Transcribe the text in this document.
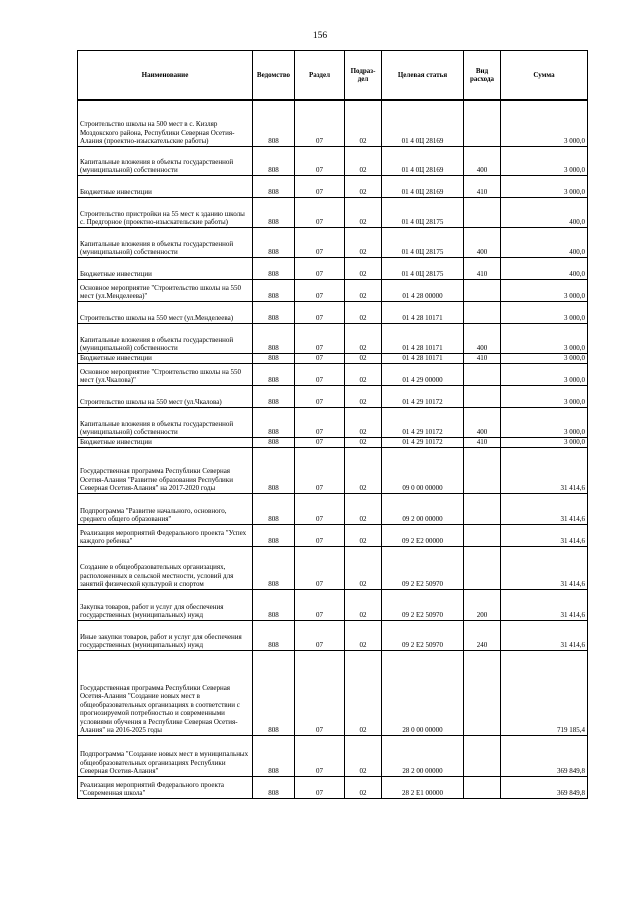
156
Наименование	Ведомство	Раздел	Подраз-дел	Целевая статья	Вид расхода	Сумма
Строительство школы на 500 мест в с. Кизляр Моздокского района, Республики Северная Осетия-Алания (проектно-изыскательские работы)	808	07	02	01 4 0Ц 28169		3 000,0
Капитальные вложения в объекты государственной (муниципальной) собственности	808	07	02	01 4 0Ц 28169	400	3 000,0
Бюджетные инвестиции	808	07	02	01 4 0Ц 28169	410	3 000,0
Строительство пристройки на 55 мест к зданию школы с. Предгорное (проектно-изыскательские работы)	808	07	02	01 4 0Ц 28175		400,0
Капитальные вложения в объекты государственной (муниципальной) собственности	808	07	02	01 4 0Ц 28175	400	400,0
Бюджетные инвестиции	808	07	02	01 4 0Ц 28175	410	400,0
Основное мероприятие "Строительство школы на 550 мест (ул.Менделеева)"	808	07	02	01 4 28 00000		3 000,0
Строительство школы на 550 мест (ул.Менделеева)	808	07	02	01 4 28 10171		3 000,0
Капитальные вложения в объекты государственной (муниципальной) собственности	808	07	02	01 4 28 10171	400	3 000,0
Бюджетные инвестиции	808	07	02	01 4 28 10171	410	3 000,0
Основное мероприятие "Строительство школы на 550 мест (ул.Чкалова)"	808	07	02	01 4 29 00000		3 000,0
Строительство школы на 550 мест (ул.Чкалова)	808	07	02	01 4 29 10172		3 000,0
Капитальные вложения в объекты государственной (муниципальной) собственности	808	07	02	01 4 29 10172	400	3 000,0
Бюджетные инвестиции	808	07	02	01 4 29 10172	410	3 000,0
Государственная программа Республики Северная Осетия-Алания "Развитие образования Республики Северная Осетия-Алания" на 2017-2020 годы	808	07	02	09 0 00 00000		31 414,6
Подпрограмма "Развитие начального, основного, среднего общего образования"	808	07	02	09 2 00 00000		31 414,6
Реализация мероприятий Федерального проекта "Успех каждого ребенка"	808	07	02	09 2 Е2 00000		31 414,6
Создание в общеобразовательных организациях, расположенных в сельской местности, условий для занятий физической культурой и спортом	808	07	02	09 2 Е2 50970		31 414,6
Закупка товаров, работ и услуг для обеспечения государственных (муниципальных) нужд	808	07	02	09 2 Е2 50970	200	31 414,6
Иные закупки товаров, работ и услуг для обеспечения государственных (муниципальных) нужд	808	07	02	09 2 Е2 50970	240	31 414,6
Государственная программа Республики Северная Осетия-Алания "Создание новых мест в общеобразовательных организациях в соответствии с прогнозируемой потребностью и современными условиями обучения в Республике Северная Осетия-Алания" на 2016-2025 годы	808	07	02	28 0 00 00000		719 185,4
Подпрограмма "Создание новых мест в муниципальных общеобразовательных организациях Республики Северная Осетия-Алания"	808	07	02	28 2 00 00000		369 849,8
Реализация мероприятий Федерального проекта "Современная школа"	808	07	02	28 2 Е1 00000		369 849,8
